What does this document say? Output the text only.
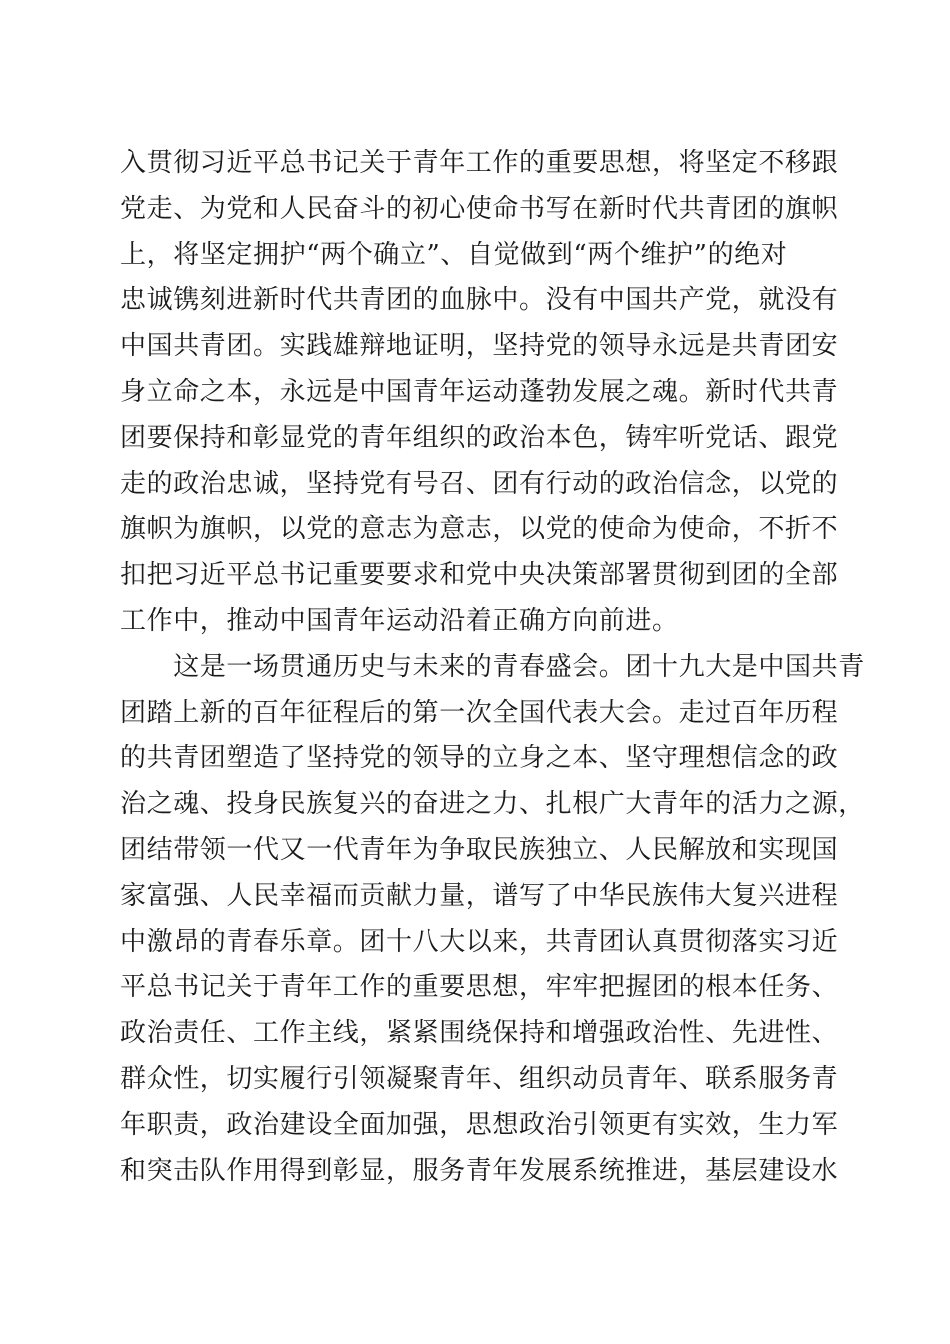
入贯彻习近平总书记关于青年工作的重要思想，将坚定不移跟
党走、为党和人民奋斗的初心使命书写在新时代共青团的旗帜
上，将坚定拥护“两个确立”、自觉做到“两个维护”的绝对
忠诚镌刻进新时代共青团的血脉中。没有中国共产党，就没有
中国共青团。实践雄辩地证明，坚持党的领导永远是共青团安
身立命之本，永远是中国青年运动蓬勃发展之魂。新时代共青
团要保持和彰显党的青年组织的政治本色，铸牢听党话、跟党
走的政治忠诚，坚持党有号召、团有行动的政治信念，以党的
旗帜为旗帜，以党的意志为意志，以党的使命为使命，不折不
扣把习近平总书记重要要求和党中央决策部署贯彻到团的全部
工作中，推动中国青年运动沿着正确方向前进。
　　这是一场贯通历史与未来的青春盛会。团十九大是中国共青
团踏上新的百年征程后的第一次全国代表大会。走过百年历程
的共青团塑造了坚持党的领导的立身之本、坚守理想信念的政
治之魂、投身民族复兴的奋进之力、扎根广大青年的活力之源，
团结带领一代又一代青年为争取民族独立、人民解放和实现国
家富强、人民幸福而贡献力量，谱写了中华民族伟大复兴进程
中激昂的青春乐章。团十八大以来，共青团认真贯彻落实习近
平总书记关于青年工作的重要思想，牢牢把握团的根本任务、
政治责任、工作主线，紧紧围绕保持和增强政治性、先进性、
群众性，切实履行引领凝聚青年、组织动员青年、联系服务青
年职责，政治建设全面加强，思想政治引领更有实效，生力军
和突击队作用得到彰显，服务青年发展系统推进，基层建设水
